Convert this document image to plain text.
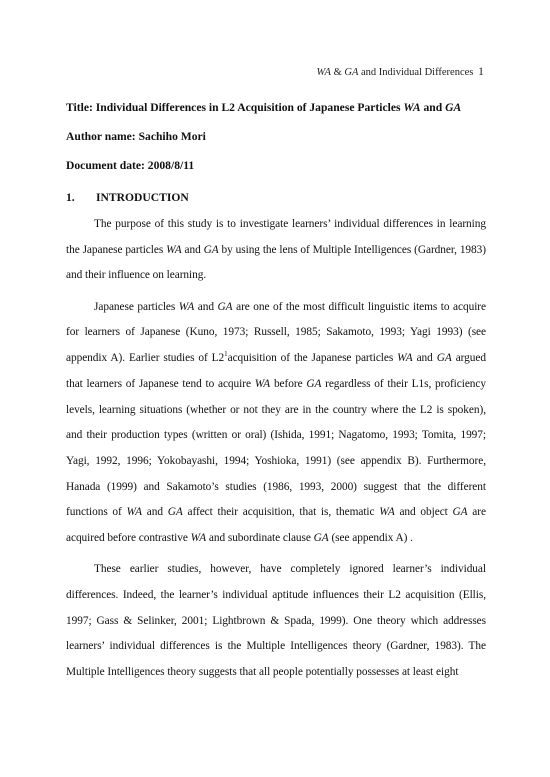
WA & GA and Individual Differences 1
Title: Individual Differences in L2 Acquisition of Japanese Particles WA and GA
Author name: Sachiho Mori
Document date: 2008/8/11
1. INTRODUCTION

The purpose of this study is to investigate learners’ individual differences in learning the Japanese particles WA and GA by using the lens of Multiple Intelligences (Gardner, 1983) and their influence on learning.

Japanese particles WA and GA are one of the most difficult linguistic items to acquire for learners of Japanese (Kuno, 1973; Russell, 1985; Sakamoto, 1993; Yagi 1993) (see appendix A). Earlier studies of $L2^1acquisition$ of the Japanese particles WA and GA argued that learners of Japanese tend to acquire WA before GA regardless of their L1s, proficiency levels, learning situations (whether or not they are in the country where the L2 is spoken), and their production types (written or oral) (Ishida, 1991; Nagatomo, 1993; Tomita, 1997; Yagi, 1992, 1996; Yokobayashi, 1994; Yoshioka, 1991) (see appendix B). Furthermore, Hanada (1999) and Sakamoto’s studies (1986, 1993, 2000) suggest that the different functions of WA and GA affect their acquisition, that is, thematic WA and object GA are acquired before contrastive WA and subordinate clause GA (see appendix A) .

These earlier studies, however, have completely ignored learner’s individual differences. Indeed, the learner’s individual aptitude influences their L2 acquisition (Ellis, 1997; Gass & Selinker, 2001; Lightbrown & Spada, 1999). One theory which addresses learners’ individual differences is the Multiple Intelligences theory (Gardner, 1983). The Multiple Intelligences theory suggests that all people potentially possesses at least eight
